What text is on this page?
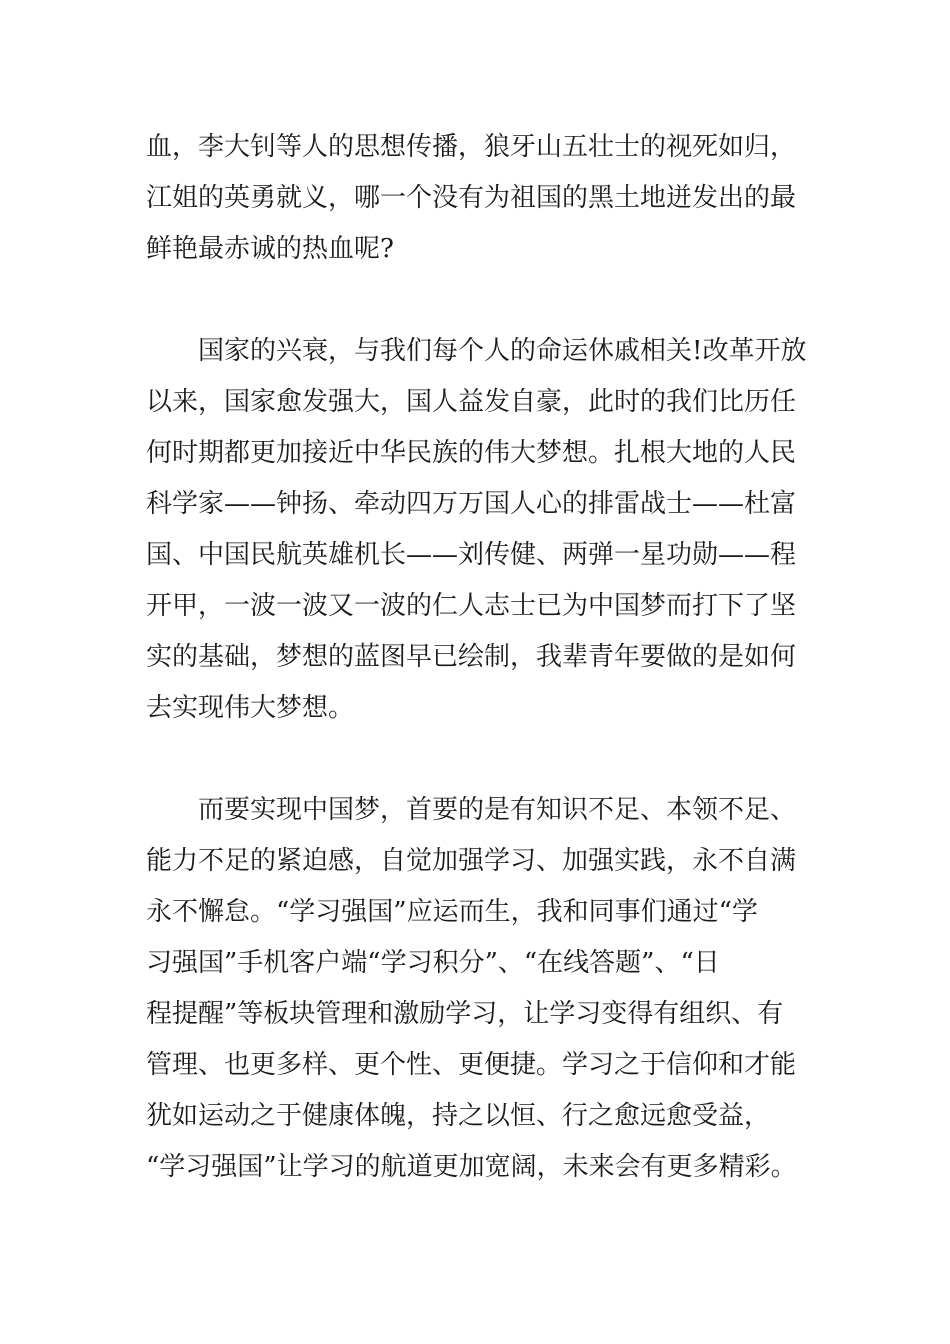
血，李大钊等人的思想传播，狼牙山五壮士的视死如归，
江姐的英勇就义，哪一个没有为祖国的黑土地迸发出的最
鲜艳最赤诚的热血呢?
国家的兴衰，与我们每个人的命运休戚相关!改革开放
以来，国家愈发强大，国人益发自豪，此时的我们比历任
何时期都更加接近中华民族的伟大梦想。扎根大地的人民
科学家——钟扬、牵动四万万国人心的排雷战士——杜富
国、中国民航英雄机长——刘传健、两弹一星功勋——程
开甲，一波一波又一波的仁人志士已为中国梦而打下了坚
实的基础，梦想的蓝图早已绘制，我辈青年要做的是如何
去实现伟大梦想。
而要实现中国梦，首要的是有知识不足、本领不足、
能力不足的紧迫感，自觉加强学习、加强实践，永不自满
永不懈怠。“学习强国”应运而生，我和同事们通过“学
习强国”手机客户端“学习积分”、“在线答题”、“日
程提醒”等板块管理和激励学习，让学习变得有组织、有
管理、也更多样、更个性、更便捷。学习之于信仰和才能
犹如运动之于健康体魄，持之以恒、行之愈远愈受益，
“学习强国”让学习的航道更加宽阔，未来会有更多精彩。
